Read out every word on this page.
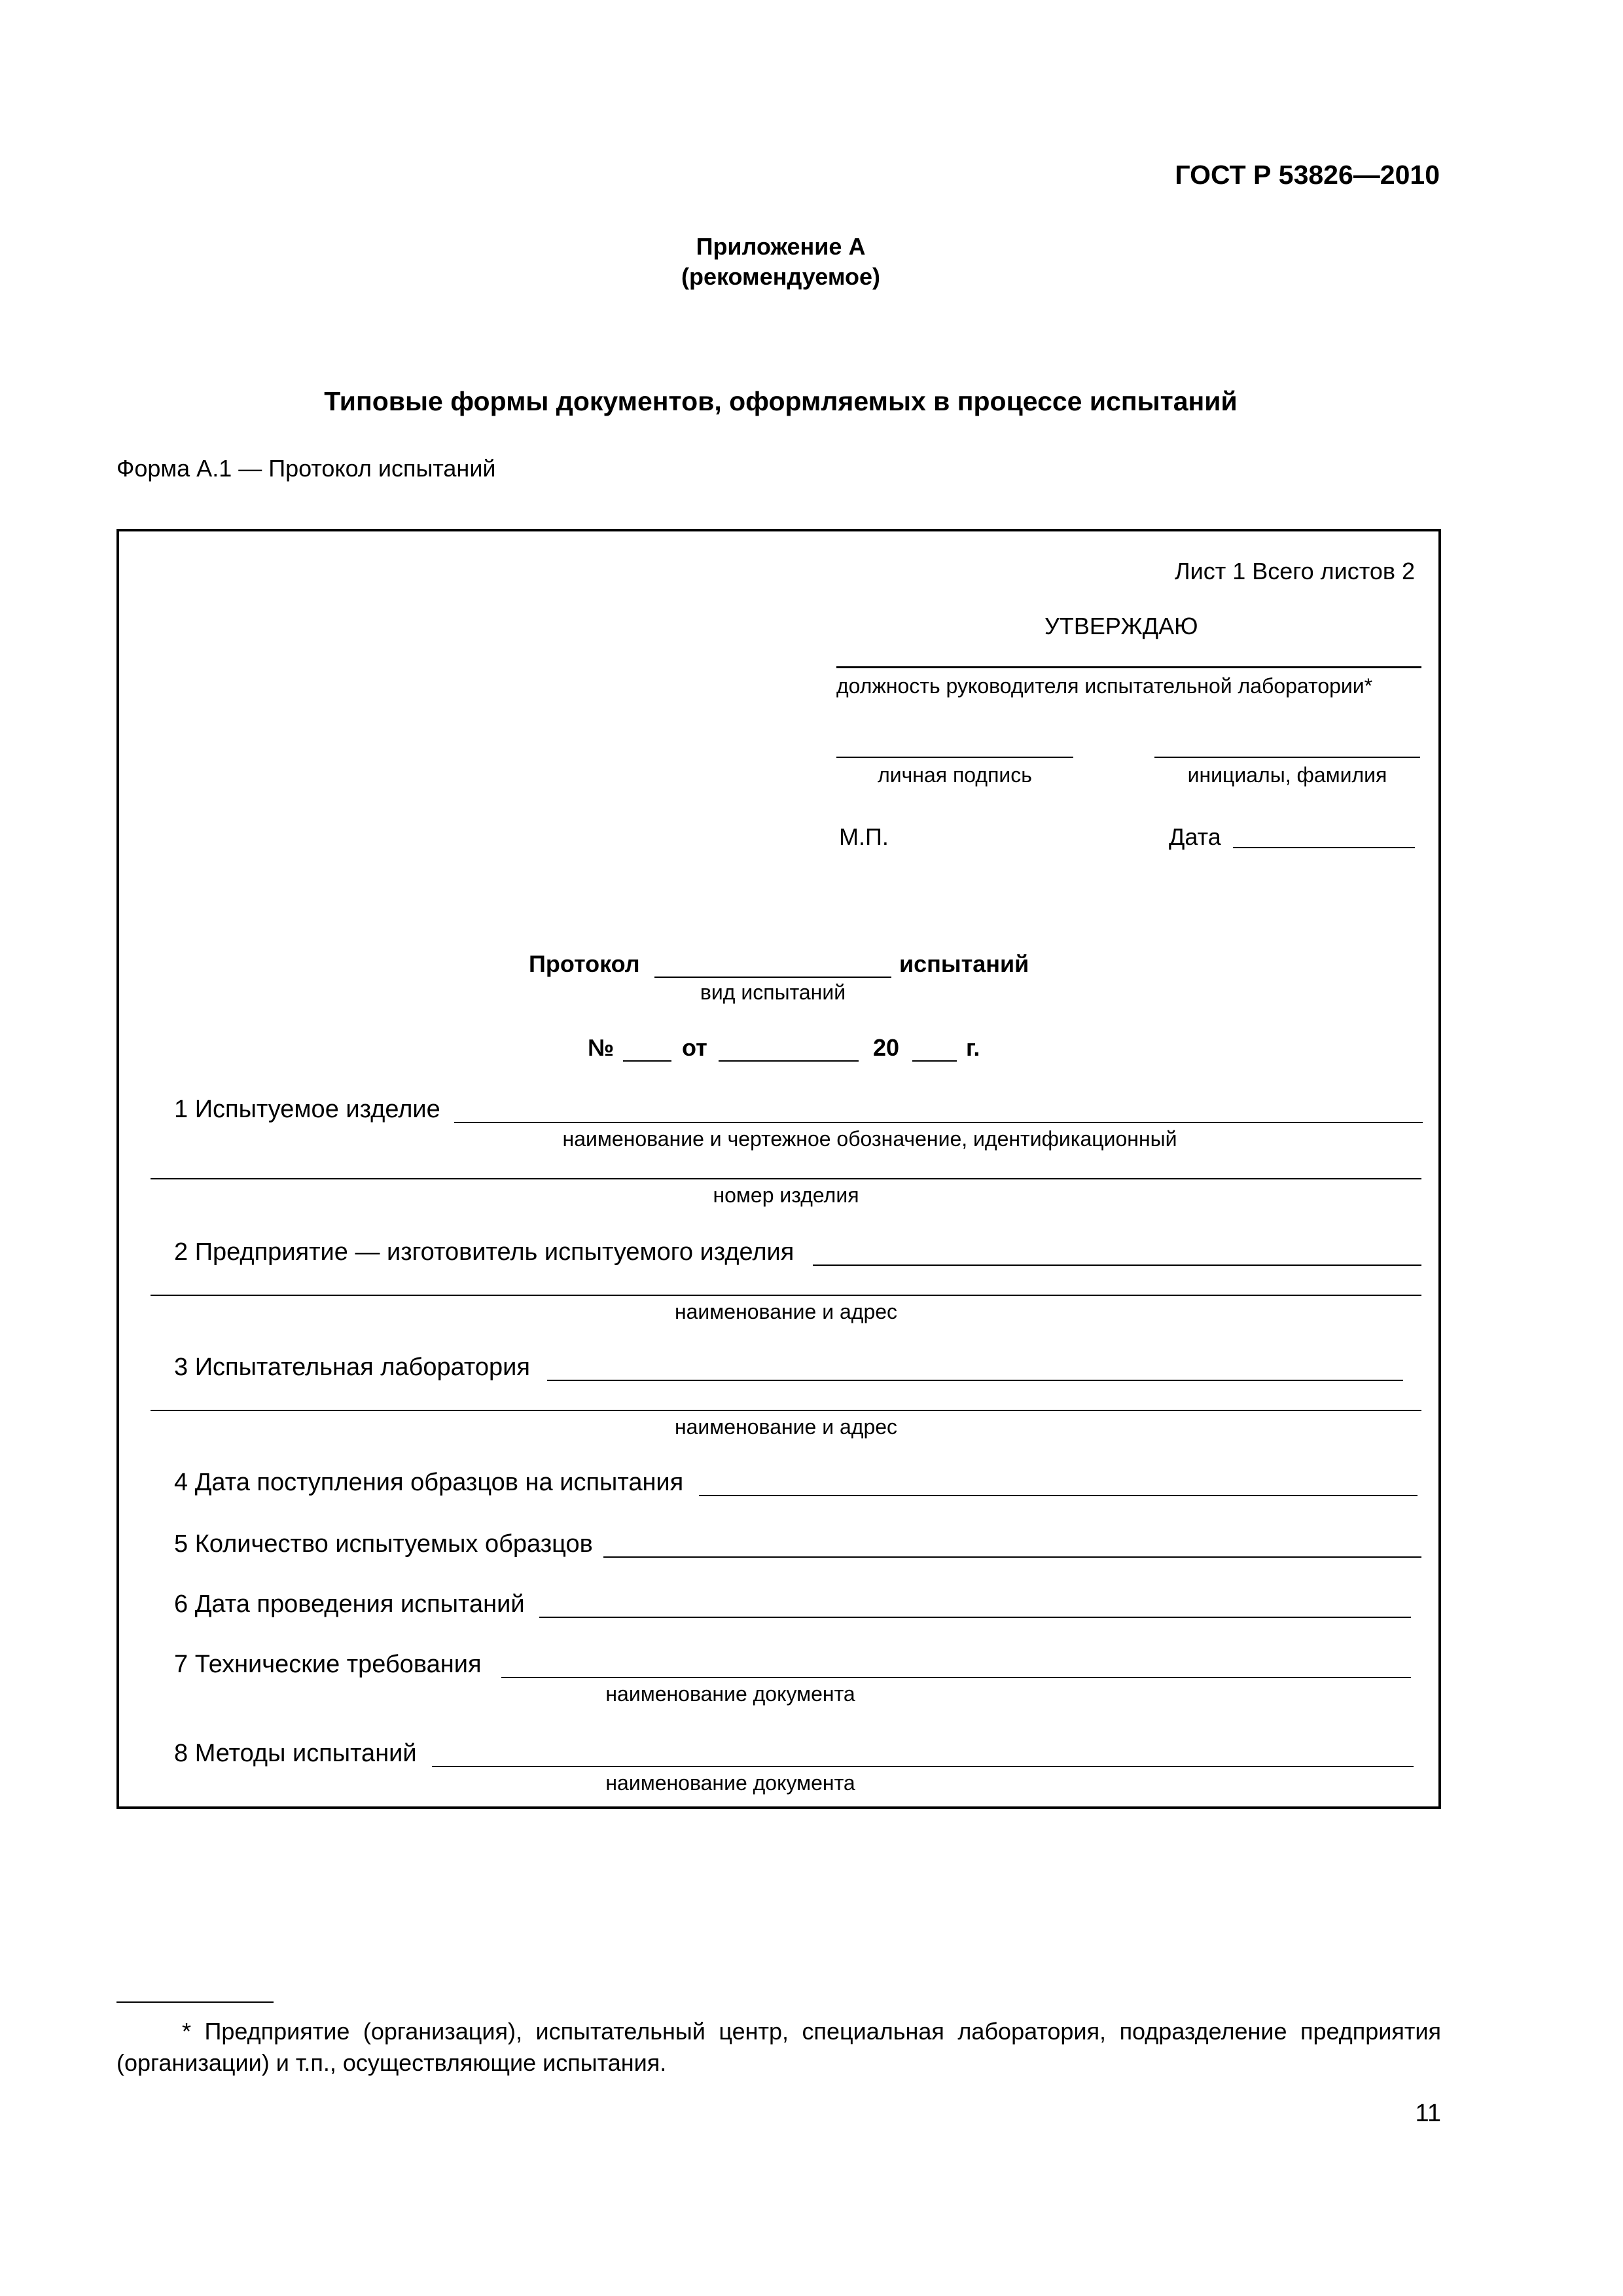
ГОСТ Р 53826—2010
Приложение А
(рекомендуемое)
Типовые формы документов, оформляемых в процессе испытаний
Форма А.1 — Протокол испытаний
Лист 1 Всего листов 2
УТВЕРЖДАЮ
должность руководителя испытательной лаборатории*
личная подпись	инициалы, фамилия
М.П.	Дата
Протокол	испытаний
вид испытаний
№	от	20	г.
1 Испытуемое изделие
наименование и чертежное обозначение, идентификационный
номер изделия
2 Предприятие — изготовитель испытуемого изделия
наименование и адрес
3 Испытательная лаборатория
наименование и адрес
4 Дата поступления образцов на испытания
5 Количество испытуемых образцов
6 Дата проведения испытаний
7 Технические требования
наименование документа
8 Методы испытаний
наименование документа
* Предприятие (организация), испытательный центр, специальная лаборатория, подразделение предприятия (организации) и т.п., осуществляющие испытания.
11
